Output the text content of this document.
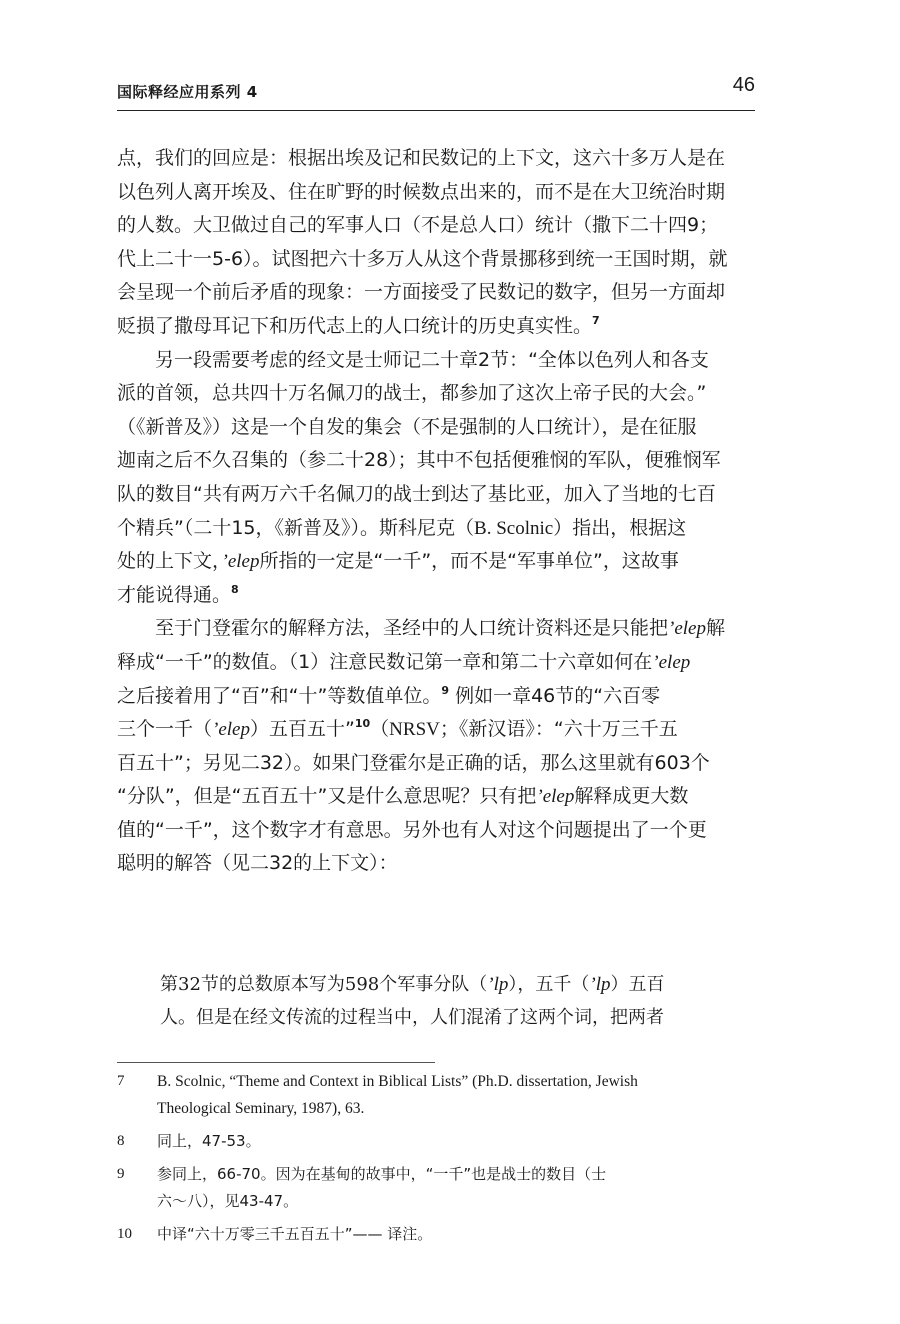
国际释经应用系列 4	46

点，我们的回应是：根据出埃及记和民数记的上下文，这六十多万人是在
以色列人离开埃及、住在旷野的时候数点出来的，而不是在大卫统治时期
的人数。大卫做过自己的军事人口（不是总人口）统计（撒下二十四9；
代上二十一5-6）。试图把六十多万人从这个背景挪移到统一王国时期，就
会呈现一个前后矛盾的现象：一方面接受了民数记的数字，但另一方面却
贬损了撒母耳记下和历代志上的人口统计的历史真实性。$^7$

另一段需要考虑的经文是士师记二十章2节：“全体以色列人和各支
派的首领，总共四十万名佩刀的战士，都参加了这次上帝子民的大会。”
（《新普及》）这是一个自发的集会（不是强制的人口统计），是在征服
迦南之后不久召集的（参二十28）；其中不包括便雅悯的军队，便雅悯军
队的数目“共有两万六千名佩刀的战士到达了基比亚，加入了当地的七百
个精兵”（二十15，《新普及》）。斯科尼克（B. Scolnic）指出，根据这
处的上下文，’elep所指的一定是“一千”，而不是“军事单位”，这故事
才能说得通。$^8$

至于门登霍尔的解释方法，圣经中的人口统计资料还是只能把’elep解
释成“一千”的数值。（1）注意民数记第一章和第二十六章如何在’elep
之后接着用了“百”和“十”等数值单位。$^9$ 例如一章46节的“六百零
三个一千（’elep）五百五十”$^{10}$（NRSV；《新汉语》：“六十万三千五
百五十”；另见二32）。如果门登霍尔是正确的话，那么这里就有603个
“分队”，但是“五百五十”又是什么意思呢？只有把’elep解释成更大数
值的“一千”，这个数字才有意思。另外也有人对这个问题提出了一个更
聪明的解答（见二32的上下文）：

第32节的总数原本写为598个军事分队（’lp），五千（’lp）五百
人。但是在经文传流的过程当中，人们混淆了这两个词，把两者
7	B. Scolnic, “Theme and Context in Biblical Lists” (Ph.D. dissertation, Jewish
Theological Seminary, 1987), 63.
8	同上，47-53。
9	参同上，66-70。因为在基甸的故事中，“一千”也是战士的数目（士
六～八），见43-47。
10	中译“六十万零三千五百五十”—— 译注。
